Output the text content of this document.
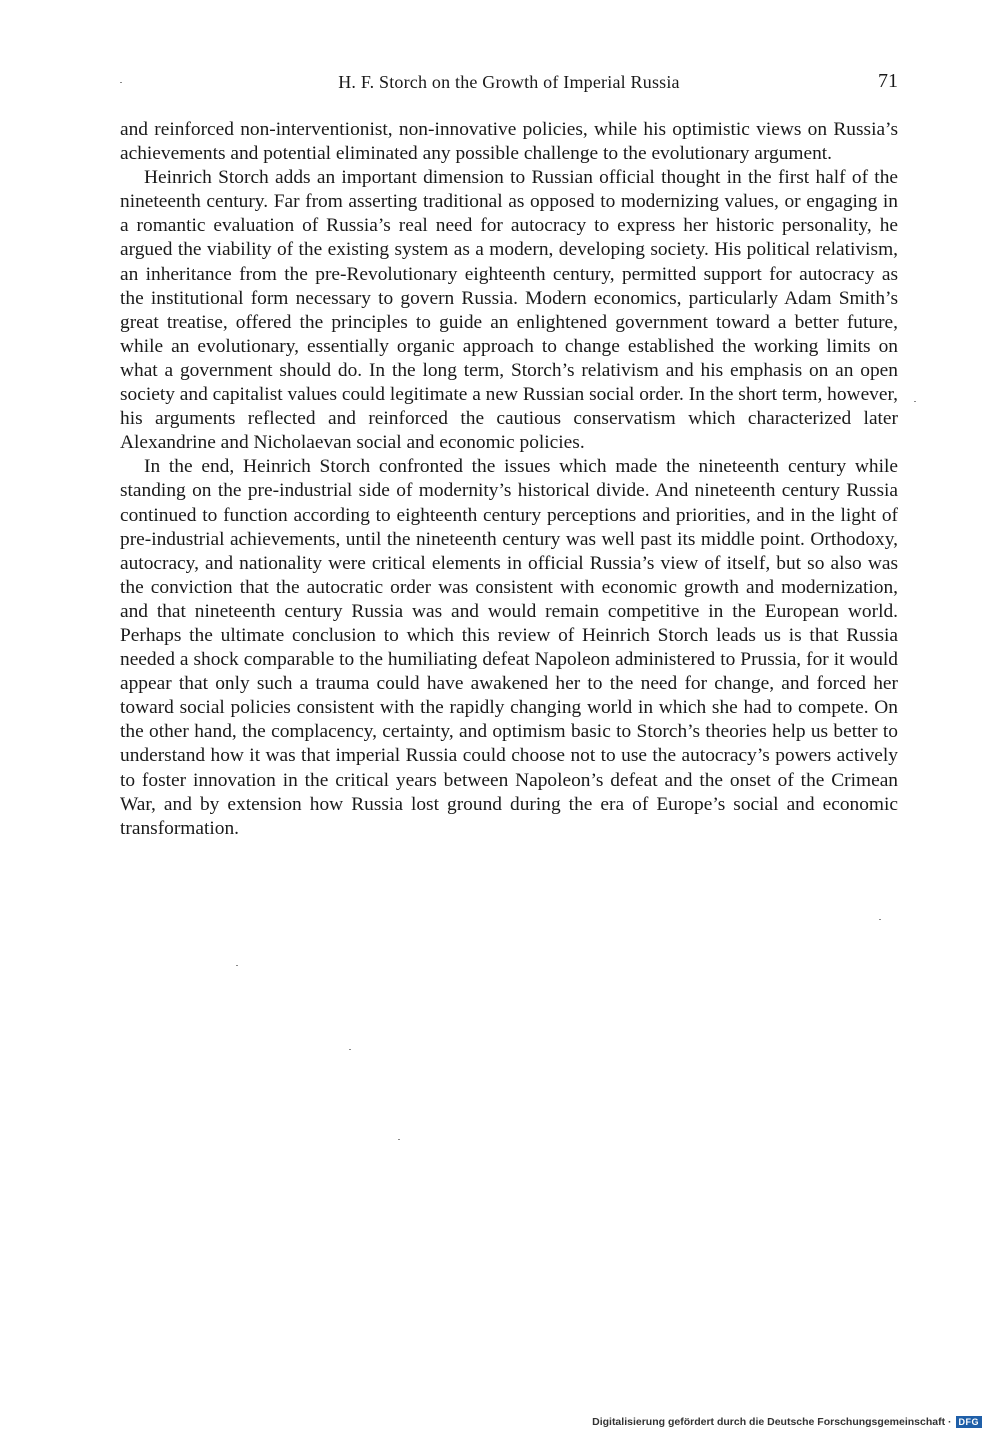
H. F. Storch on the Growth of Imperial Russia	71

and reinforced non-interventionist, non-innovative policies, while his optimistic views on Russia’s achievements and potential eliminated any possible challenge to the evolutionary argument.

Heinrich Storch adds an important dimension to Russian official thought in the first half of the nineteenth century. Far from asserting traditional as opposed to modernizing values, or engaging in a romantic evaluation of Russia’s real need for autocracy to express her historic personality, he argued the viability of the existing system as a modern, developing society. His political relativism, an inheritance from the pre-Revolutionary eighteenth century, permitted support for autocracy as the institutional form necessary to govern Russia. Modern economics, particularly Adam Smith’s great treatise, offered the principles to guide an enlightened government toward a better future, while an evolutionary, essentially organic approach to change established the working limits on what a government should do. In the long term, Storch’s relativism and his emphasis on an open society and capitalist values could legitimate a new Russian social order. In the short term, however, his arguments reflected and reinforced the cautious conservatism which characterized later Alexandrine and Nicholaevan social and economic policies.

In the end, Heinrich Storch confronted the issues which made the nineteenth century while standing on the pre-industrial side of modernity’s historical divide. And nineteenth century Russia continued to function according to eighteenth century perceptions and priorities, and in the light of pre-industrial achievements, until the nineteenth century was well past its middle point. Orthodoxy, autocracy, and nationality were critical elements in official Russia’s view of itself, but so also was the conviction that the autocratic order was consistent with economic growth and modernization, and that nineteenth century Russia was and would remain competitive in the European world. Perhaps the ultimate conclusion to which this review of Heinrich Storch leads us is that Russia needed a shock comparable to the humiliating defeat Napoleon administered to Prussia, for it would appear that only such a trauma could have awakened her to the need for change, and forced her toward social policies consistent with the rapidly changing world in which she had to compete. On the other hand, the complacency, certainty, and optimism basic to Storch’s theories help us better to understand how it was that imperial Russia could choose not to use the autocracy’s powers actively to foster innovation in the critical years between Napoleon’s defeat and the onset of the Crimean War, and by extension how Russia lost ground during the era of Europe’s social and economic transformation.

Digitalisierung gefördert durch die Deutsche Forschungsgemeinschaft · DFG
